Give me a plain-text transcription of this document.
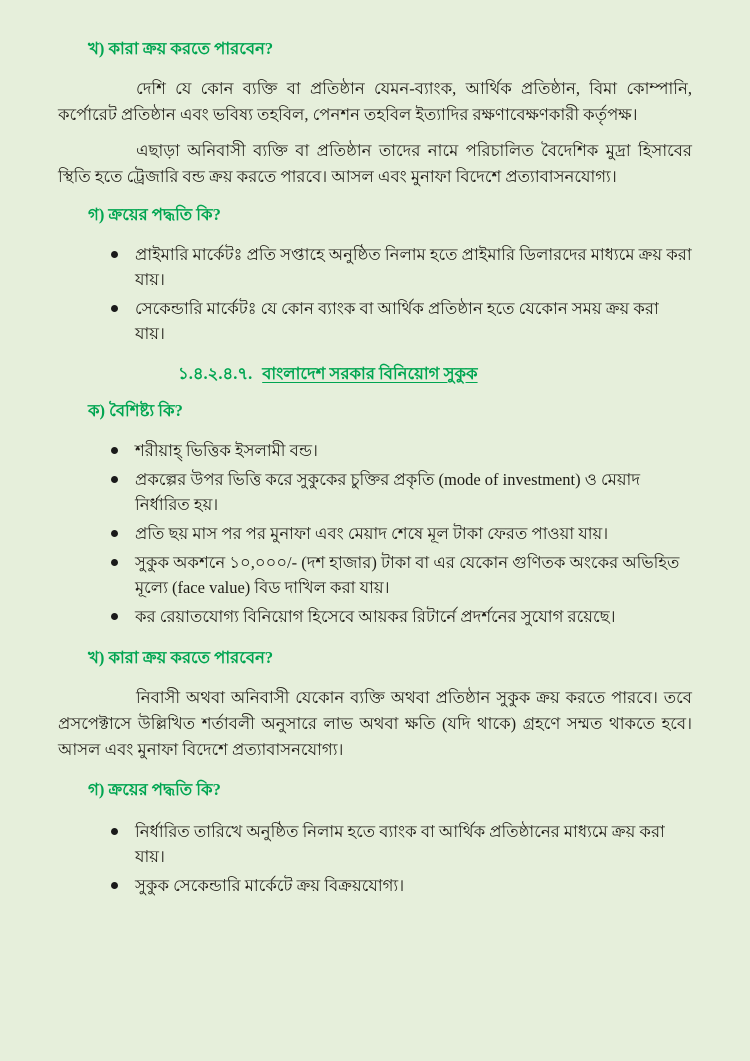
খ) কারা ক্রয় করতে পারবেন?

দেশি যে কোন ব্যক্তি বা প্রতিষ্ঠান যেমন-ব্যাংক, আর্থিক প্রতিষ্ঠান, বিমা কোম্পানি, কর্পোরেট প্রতিষ্ঠান এবং ভবিষ্য তহবিল, পেনশন তহবিল ইত্যাদির রক্ষণাবেক্ষণকারী কর্তৃপক্ষ।

এছাড়া অনিবাসী ব্যক্তি বা প্রতিষ্ঠান তাদের নামে পরিচালিত বৈদেশিক মুদ্রা হিসাবের স্থিতি হতে ট্রেজারি বন্ড ক্রয় করতে পারবে। আসল এবং মুনাফা বিদেশে প্রত্যাবাসনযোগ্য।

গ) ক্রয়ের পদ্ধতি কি?

প্রাইমারি মার্কেটঃ প্রতি সপ্তাহে অনুষ্ঠিত নিলাম হতে প্রাইমারি ডিলারদের মাধ্যমে ক্রয় করা যায়।
সেকেন্ডারি মার্কেটঃ যে কোন ব্যাংক বা আর্থিক প্রতিষ্ঠান হতে যেকোন সময় ক্রয় করা যায়।

১.৪.২.৪.৭. বাংলাদেশ সরকার বিনিয়োগ সুকুক

ক) বৈশিষ্ট্য কি?

শরীয়াহ্ ভিত্তিক ইসলামী বন্ড।
প্রকল্পের উপর ভিত্তি করে সুকুকের চুক্তির প্রকৃতি (mode of investment) ও মেয়াদ নির্ধারিত হয়।
প্রতি ছয় মাস পর পর মুনাফা এবং মেয়াদ শেষে মূল টাকা ফেরত পাওয়া যায়।
সুকুক অকশনে ১০,০০০/- (দশ হাজার) টাকা বা এর যেকোন গুণিতক অংকের অভিহিত মূল্যে (face value) বিড দাখিল করা যায়।
কর রেয়াতযোগ্য বিনিয়োগ হিসেবে আয়কর রিটার্নে প্রদর্শনের সুযোগ রয়েছে।

খ) কারা ক্রয় করতে পারবেন?

নিবাসী অথবা অনিবাসী যেকোন ব্যক্তি অথবা প্রতিষ্ঠান সুকুক ক্রয় করতে পারবে। তবে প্রসপেক্টাসে উল্লিখিত শর্তাবলী অনুসারে লাভ অথবা ক্ষতি (যদি থাকে) গ্রহণে সম্মত থাকতে হবে। আসল এবং মুনাফা বিদেশে প্রত্যাবাসনযোগ্য।

গ) ক্রয়ের পদ্ধতি কি?

নির্ধারিত তারিখে অনুষ্ঠিত নিলাম হতে ব্যাংক বা আর্থিক প্রতিষ্ঠানের মাধ্যমে ক্রয় করা যায়।
সুকুক সেকেন্ডারি মার্কেটে ক্রয় বিক্রয়যোগ্য।
